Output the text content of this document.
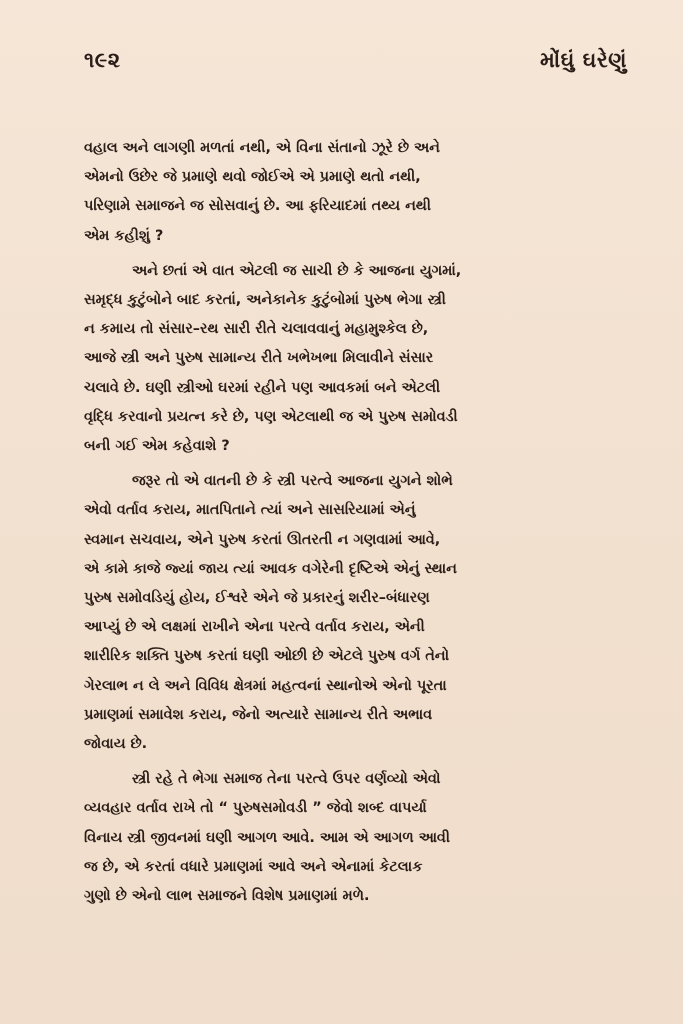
૧૯૨	મોંઘું ઘરેણું

વહાલ અને લાગણી મળતાં નથી, એ વિના સંતાનો ઝૂરે છે અને
એમનો ઉછેર જે પ્રમાણે થવો જોઈએ એ પ્રમાણે થતો નથી,
પરિણામે સમાજને જ સોસવાનું છે. આ ફરિયાદમાં તથ્ય નથી
એમ કહીશું ?

અને છતાં એ વાત એટલી જ સાચી છે કે આજના યુગમાં,
સમૃદ્ધ કુટુંબોને બાદ કરતાં, અનેકાનેક કુટુંબોમાં પુરુષ ભેગા સ્ત્રી
ન કમાય તો સંસાર–રથ સારી રીતે ચલાવવાનું મહામુશ્કેલ છે,
આજે સ્ત્રી અને પુરુષ સામાન્ય રીતે ખભેખભા મિલાવીને સંસાર
ચલાવે છે. ઘણી સ્ત્રીઓ ઘરમાં રહીને પણ આવકમાં બને એટલી
વૃદ્ધિ કરવાનો પ્રયત્ન કરે છે, પણ એટલાથી જ એ પુરુષ સમોવડી
બની ગઈ એમ કહેવાશે ?

જરૂર તો એ વાતની છે કે સ્ત્રી પરત્વે આજના યુગને શોભે
એવો વર્તાવ કરાય, માતપિતાને ત્યાં અને સાસરિયામાં એનું
સ્વમાન સચવાય, એને પુરુષ કરતાં ઊતરતી ન ગણવામાં આવે,
એ કામે કાજે જ્યાં જાય ત્યાં આવક વગેરેની દૃષ્ટિએ એનું સ્થાન
પુરુષ સમોવડિયું હોય, ઈશ્વરે એને જે પ્રકારનું શરીર–બંધારણ
આપ્યું છે એ લક્ષમાં રાખીને એના પરત્વે વર્તાવ કરાય, એની
શારીરિક શક્તિ પુરુષ કરતાં ઘણી ઓછી છે એટલે પુરુષ વર્ગ તેનો
ગેરલાભ ન લે અને વિવિધ ક્ષેત્રમાં મહત્વનાં સ્થાનોએ એનો પૂરતા
પ્રમાણમાં સમાવેશ કરાય, જેનો અત્યારે સામાન્ય રીતે અભાવ
જોવાય છે.

સ્ત્રી રહે તે ભેગા સમાજ તેના પરત્વે ઉપર વર્ણવ્યો એવો
વ્યવહાર વર્તાવ રાખે તો “ પુરુષસમોવડી ” જેવો શબ્દ વાપર્યા
વિનાય સ્ત્રી જીવનમાં ઘણી આગળ આવે. આમ એ આગળ આવી
જ છે, એ કરતાં વધારે પ્રમાણમાં આવે અને એનામાં કેટલાક
ગુણો છે એનો લાભ સમાજને વિશેષ પ્રમાણમાં મળે.
